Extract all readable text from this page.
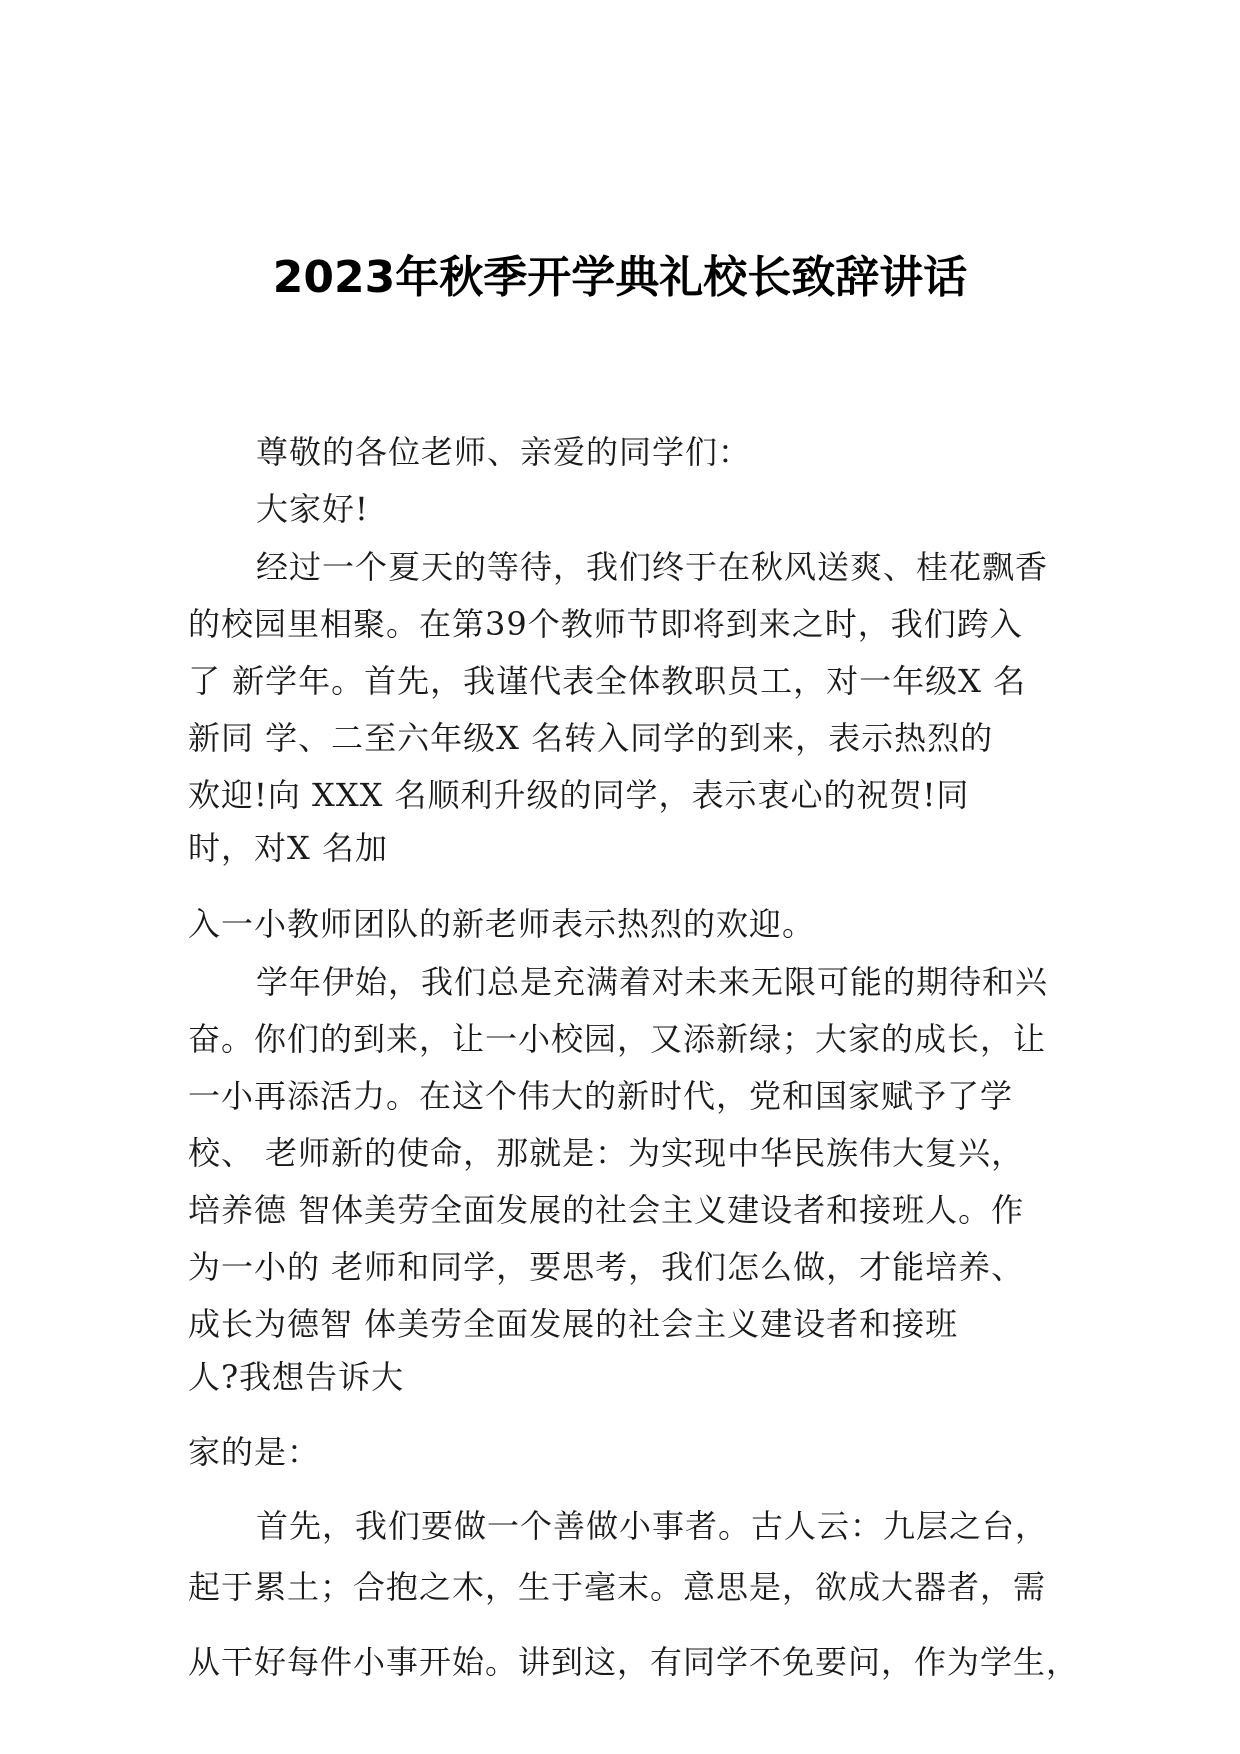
2023年秋季开学典礼校长致辞讲话
尊敬的各位老师、亲爱的同学们：
大家好!
经过一个夏天的等待，我们终于在秋风送爽、桂花飘香
的校园里相聚。在第39个教师节即将到来之时，我们跨入
了 新学年。首先，我谨代表全体教职员工，对一年级X 名
新同 学、二至六年级X 名转入同学的到来，表示热烈的
欢迎!向 XXX 名顺利升级的同学，表示衷心的祝贺!同
时，对X 名加
入一小教师团队的新老师表示热烈的欢迎。
学年伊始，我们总是充满着对未来无限可能的期待和兴
奋。你们的到来，让一小校园，又添新绿；大家的成长，让
一小再添活力。在这个伟大的新时代，党和国家赋予了学
校、 老师新的使命，那就是：为实现中华民族伟大复兴，
培养德 智体美劳全面发展的社会主义建设者和接班人。作
为一小的 老师和同学，要思考，我们怎么做，才能培养、
成长为德智 体美劳全面发展的社会主义建设者和接班
人?我想告诉大
家的是：
首先，我们要做一个善做小事者。古人云：九层之台，
起于累土；合抱之木，生于毫末。意思是，欲成大器者，需
从干好每件小事开始。讲到这，有同学不免要问，作为学生，
